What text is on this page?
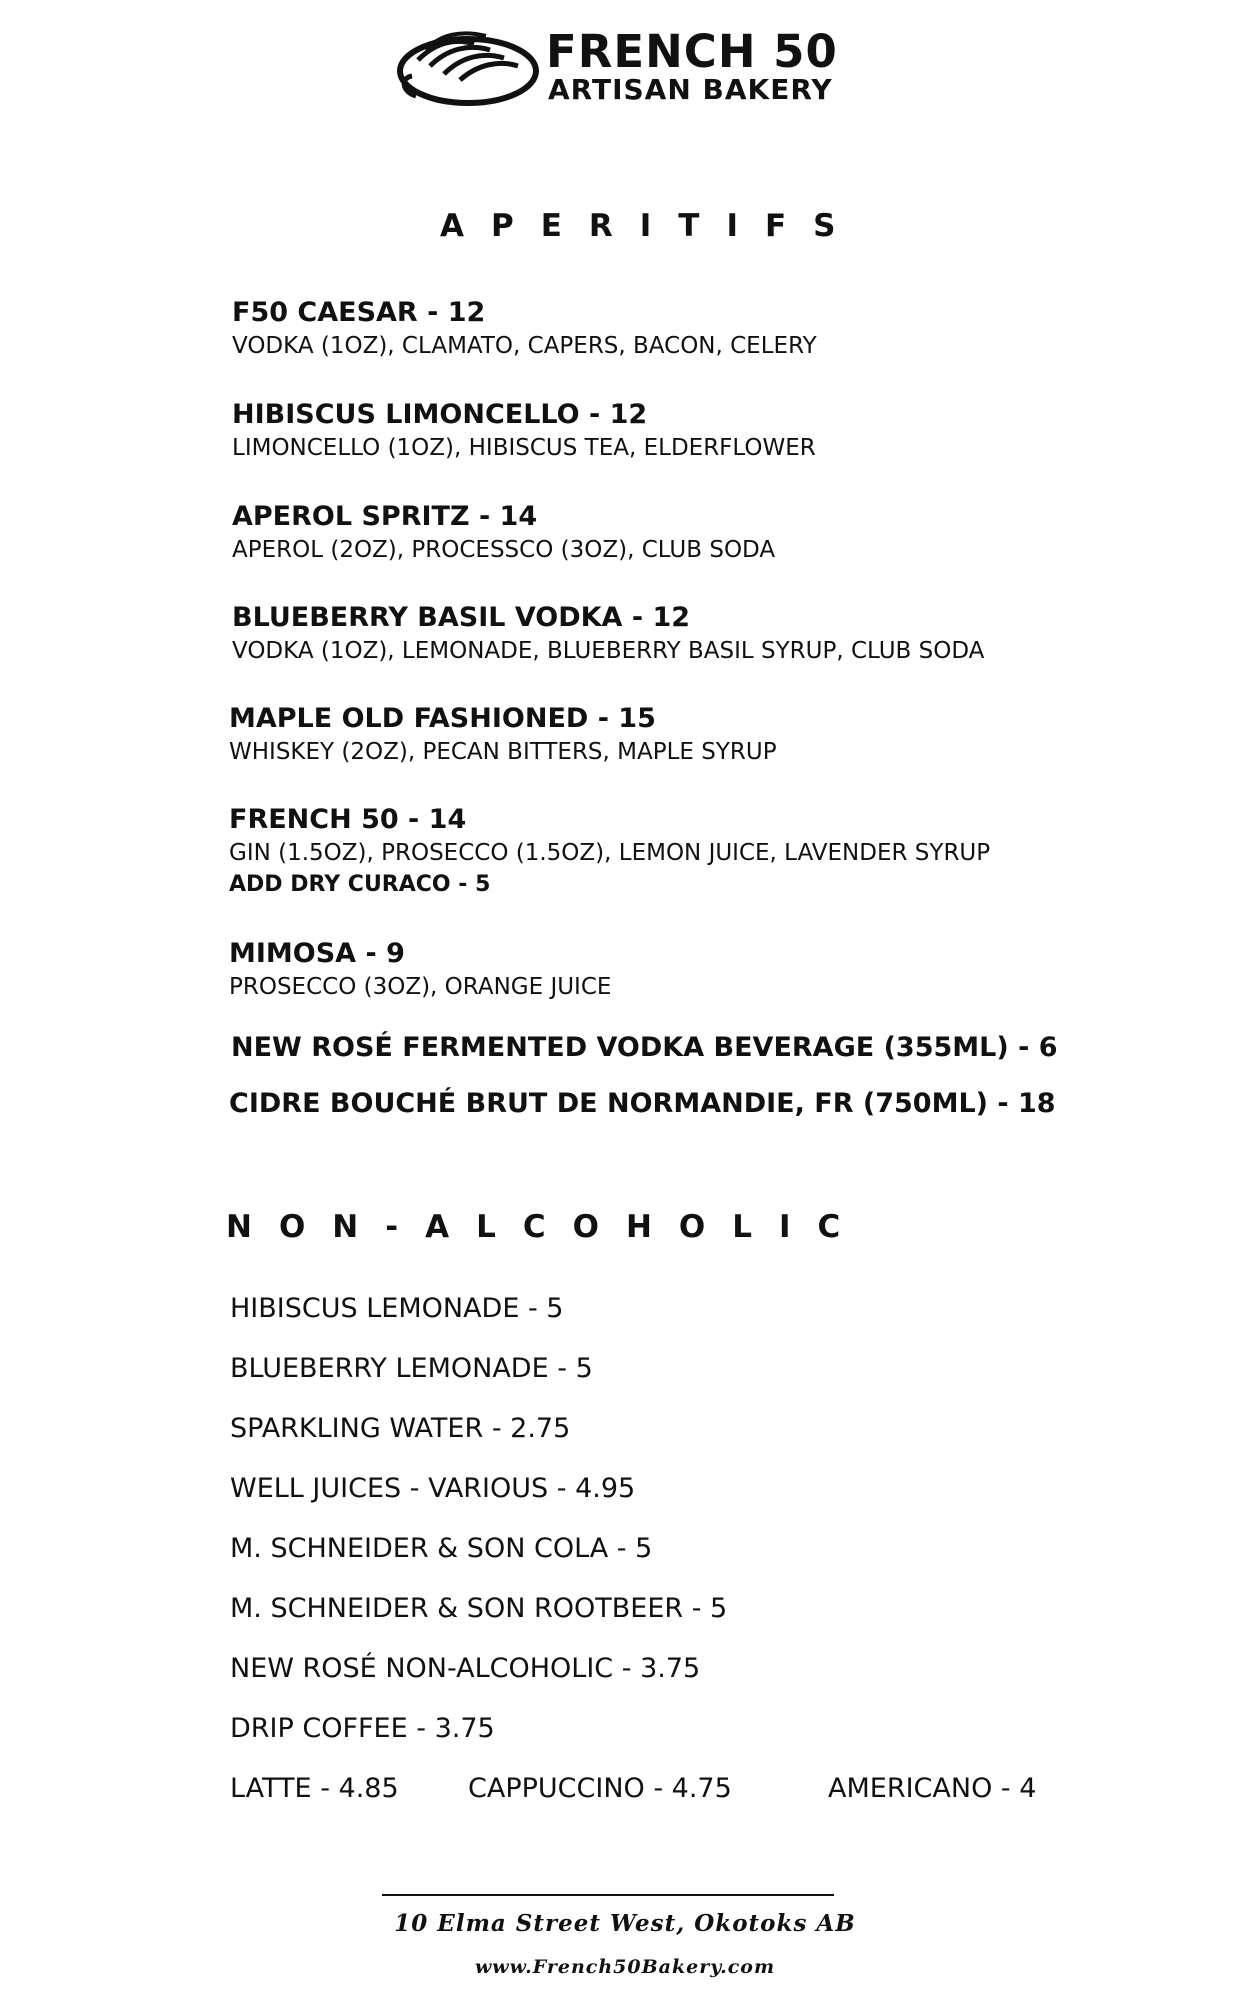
FRENCH 50
ARTISAN BAKERY
APERITIFS
F50 CAESAR - 12
VODKA (1OZ), CLAMATO, CAPERS, BACON, CELERY
HIBISCUS LIMONCELLO - 12
LIMONCELLO (1OZ), HIBISCUS TEA, ELDERFLOWER
APEROL SPRITZ - 14
APEROL (2OZ), PROCESSCO (3OZ), CLUB SODA
BLUEBERRY BASIL VODKA - 12
VODKA (1OZ), LEMONADE, BLUEBERRY BASIL SYRUP, CLUB SODA
MAPLE OLD FASHIONED - 15
WHISKEY (2OZ), PECAN BITTERS, MAPLE SYRUP
FRENCH 50 - 14
GIN (1.5OZ), PROSECCO (1.5OZ), LEMON JUICE, LAVENDER SYRUP
ADD DRY CURACO - 5
MIMOSA - 9
PROSECCO (3OZ), ORANGE JUICE
NEW ROSÉ FERMENTED VODKA BEVERAGE (355ML) - 6
CIDRE BOUCHÉ BRUT DE NORMANDIE, FR (750ML) - 18
NON-ALCOHOLIC
HIBISCUS LEMONADE - 5
BLUEBERRY LEMONADE - 5
SPARKLING WATER - 2.75
WELL JUICES - VARIOUS - 4.95
M. SCHNEIDER & SON COLA - 5
M. SCHNEIDER & SON ROOTBEER - 5
NEW ROSÉ NON-ALCOHOLIC - 3.75
DRIP COFFEE - 3.75
LATTE - 4.85	CAPPUCCINO - 4.75	AMERICANO - 4
10 Elma Street West, Okotoks AB
www.French50Bakery.com
